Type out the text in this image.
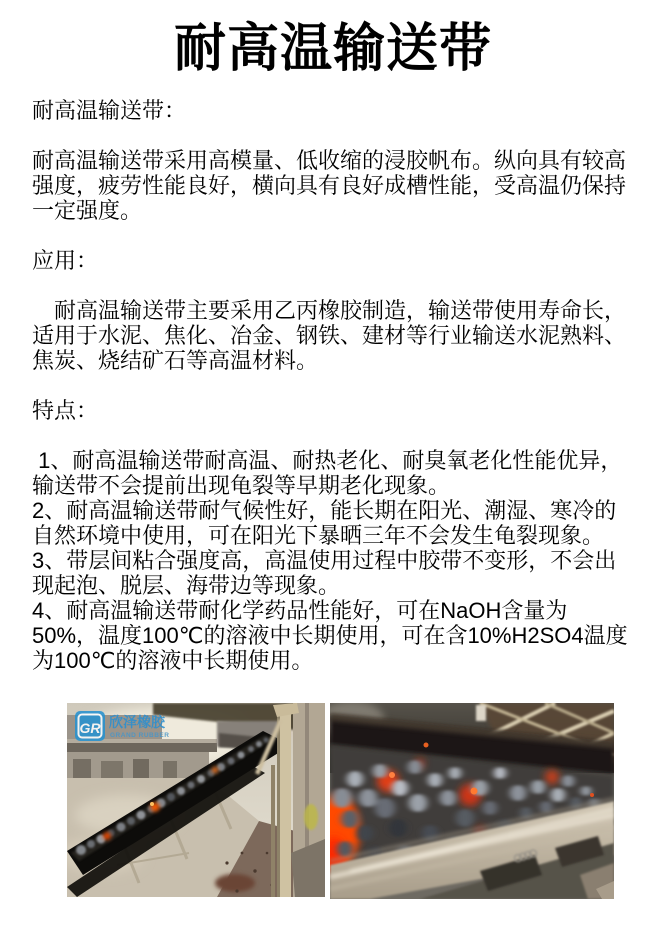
耐高温输送带

耐高温输送带：

耐高温输送带采用高模量、低收缩的浸胶帆布。纵向具有较高强度，疲劳性能良好，横向具有良好成槽性能，受高温仍保持一定强度。

应用：

　耐高温输送带主要采用乙丙橡胶制造，输送带使用寿命长，适用于水泥、焦化、冶金、钢铁、建材等行业输送水泥熟料、焦炭、烧结矿石等高温材料。

特点：

1、耐高温输送带耐高温、耐热老化、耐臭氧老化性能优异，输送带不会提前出现龟裂等早期老化现象。

2、耐高温输送带耐气候性好，能长期在阳光、潮湿、寒冷的自然环境中使用，可在阳光下暴晒三年不会发生龟裂现象。

3、带层间粘合强度高，高温使用过程中胶带不变形，不会出现起泡、脱层、海带边等现象。

4、耐高温输送带耐化学药品性能好，可在NaOH含量为50%，温度100℃的溶液中长期使用，可在含10%H2SO4温度为100℃的溶液中长期使用。

GR 欣泽橡胶
GRAND RUBBER
